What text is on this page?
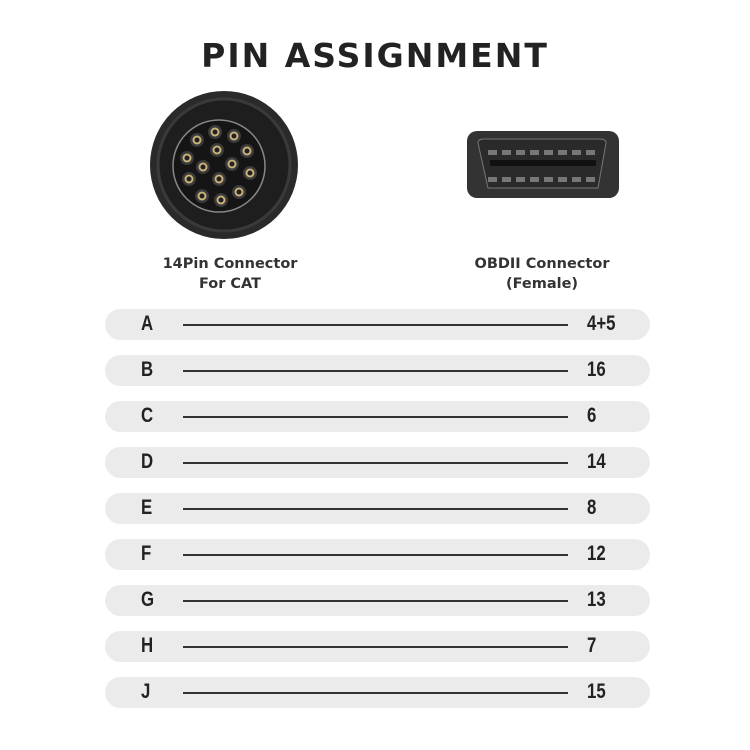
PIN ASSIGNMENT
14Pin Connector
For CAT
OBDII Connector
(Female)
A	4+5
B	16
C	6
D	14
E	8
F	12
G	13
H	7
J	15
